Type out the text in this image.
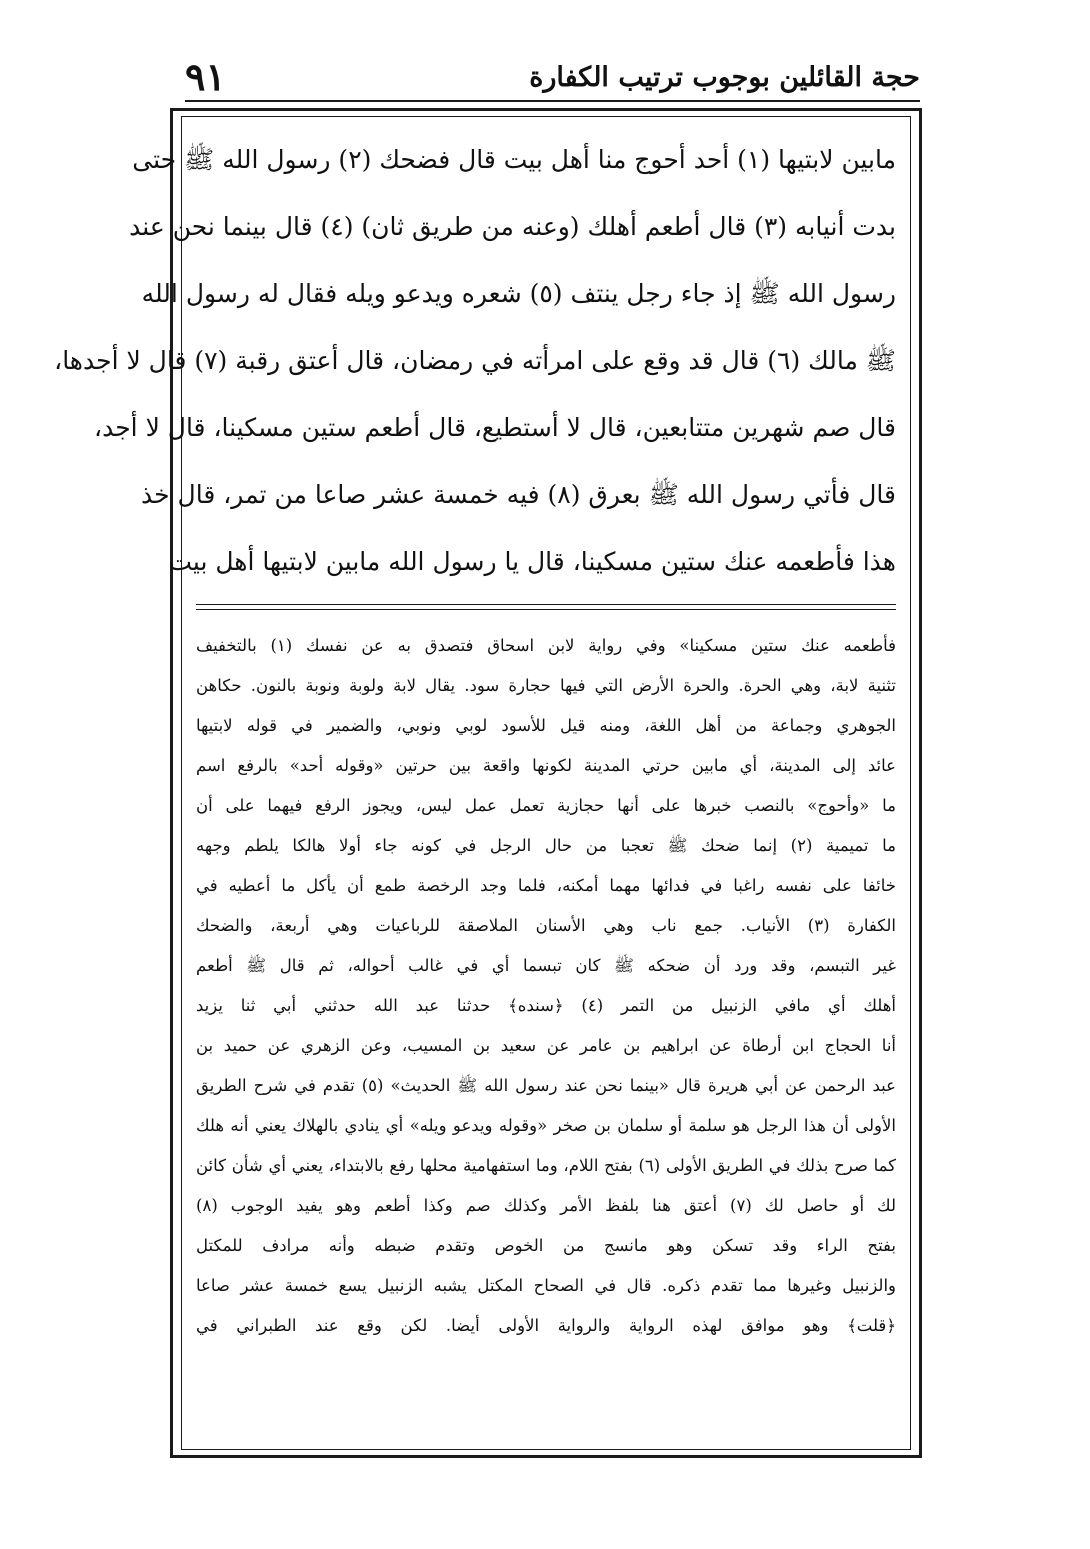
٩١	حجة القائلين بوجوب ترتيب الكفارة
مابين لابتيها (١) أحد أحوج منا أهل بيت قال فضحك (٢) رسول الله ﷺ حتى
بدت أنيابه (٣) قال أطعم أهلك (وعنه من طريق ثان) (٤) قال بينما نحن عند
رسول الله ﷺ إذ جاء رجل ينتف (٥) شعره ويدعو ويله فقال له رسول الله
ﷺ مالك (٦) قال قد وقع على امرأته في رمضان، قال أعتق رقبة (٧) قال لا أجدها،
قال صم شهرين متتابعين، قال لا أستطيع، قال أطعم ستين مسكينا، قال لا أجد،
قال فأتي رسول الله ﷺ بعرق (٨) فيه خمسة عشر صاعا من تمر، قال خذ
هذا فأطعمه عنك ستين مسكينا، قال يا رسول الله مابين لابتيها أهل بيت
فأطعمه عنك ستين مسكينا» وفي رواية لابن اسحاق فتصدق به عن نفسك (١) بالتخفيف
تثنية لابة، وهي الحرة. والحرة الأرض التي فيها حجارة سود. يقال لابة ولوبة ونوبة بالنون. حكاهن
الجوهري وجماعة من أهل اللغة، ومنه قيل للأسود لوبي ونوبي، والضمير في قوله لابتيها
عائد إلى المدينة، أي مابين حرتي المدينة لكونها واقعة بين حرتين «وقوله أحد» بالرفع اسم
ما «وأحوج» بالنصب خبرها على أنها حجازية تعمل عمل ليس، ويجوز الرفع فيهما على أن
ما تميمية (٢) إنما ضحك ﷺ تعجبا من حال الرجل في كونه جاء أولا هالكا يلطم وجهه
خائفا على نفسه راغبا في فدائها مهما أمكنه، فلما وجد الرخصة طمع أن يأكل ما أعطيه في
الكفارة (٣) الأنياب. جمع ناب وهي الأسنان الملاصقة للرباعيات وهي أربعة، والضحك
غير التبسم، وقد ورد أن ضحكه ﷺ كان تبسما أي في غالب أحواله، ثم قال ﷺ أطعم
أهلك أي مافي الزنبيل من التمر (٤) ﴿سنده﴾ حدثنا عبد الله حدثني أبي ثنا يزيد
أنا الحجاج ابن أرطاة عن ابراهيم بن عامر عن سعيد بن المسيب، وعن الزهري عن حميد بن
عبد الرحمن عن أبي هريرة قال «بينما نحن عند رسول الله ﷺ الحديث» (٥) تقدم في شرح الطريق
الأولى أن هذا الرجل هو سلمة أو سلمان بن صخر «وقوله ويدعو ويله» أي ينادي بالهلاك يعني أنه هلك
كما صرح بذلك في الطريق الأولى (٦) بفتح اللام، وما استفهامية محلها رفع بالابتداء، يعني أي شأن كائن
لك أو حاصل لك (٧) أعتق هنا بلفظ الأمر وكذلك صم وكذا أطعم وهو يفيد الوجوب (٨)
بفتح الراء وقد تسكن وهو مانسج من الخوص وتقدم ضبطه وأنه مرادف للمكتل
والزنبيل وغيرها مما تقدم ذكره. قال في الصحاح المكتل يشبه الزنبيل يسع خمسة عشر صاعا
﴿قلت﴾ وهو موافق لهذه الرواية والرواية الأولى أيضا. لكن وقع عند الطبراني في
